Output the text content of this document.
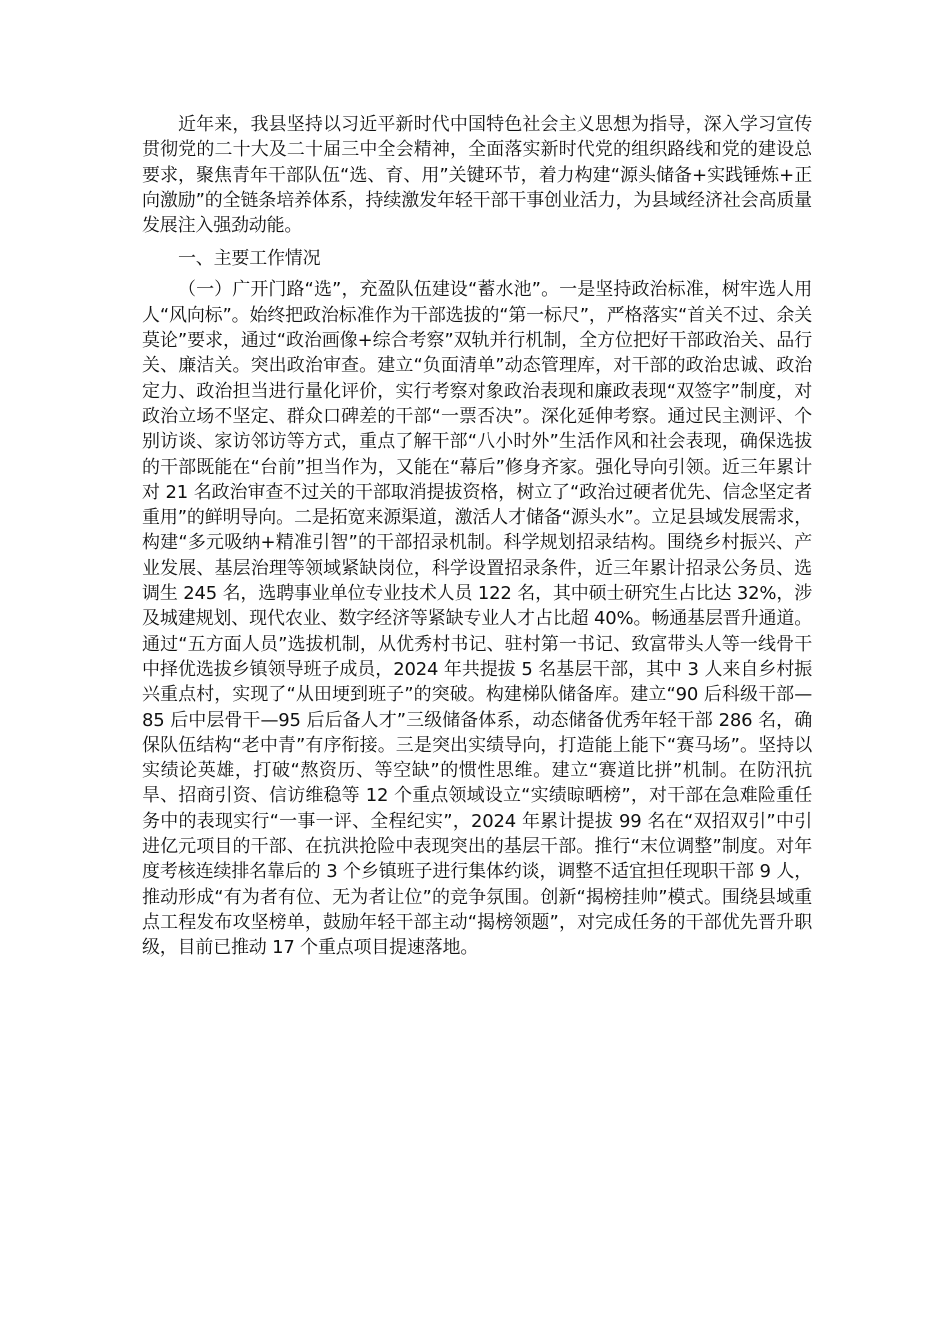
近年来，我县坚持以习近平新时代中国特色社会主义思想为指导，深入学习宣传贯彻党的二十大及二十届三中全会精神，全面落实新时代党的组织路线和党的建设总要求，聚焦青年干部队伍“选、育、用”关键环节，着力构建“源头储备+实践锤炼+正向激励”的全链条培养体系，持续激发年轻干部干事创业活力，为县域经济社会高质量发展注入强劲动能。

一、主要工作情况

（一）广开门路“选”，充盈队伍建设“蓄水池”。一是坚持政治标准，树牢选人用人“风向标”。始终把政治标准作为干部选拔的“第一标尺”，严格落实“首关不过、余关莫论”要求，通过“政治画像+综合考察”双轨并行机制，全方位把好干部政治关、品行关、廉洁关。突出政治审查。建立“负面清单”动态管理库，对干部的政治忠诚、政治定力、政治担当进行量化评价，实行考察对象政治表现和廉政表现“双签字”制度，对政治立场不坚定、群众口碑差的干部“一票否决”。深化延伸考察。通过民主测评、个别访谈、家访邻访等方式，重点了解干部“八小时外”生活作风和社会表现，确保选拔的干部既能在“台前”担当作为，又能在“幕后”修身齐家。强化导向引领。近三年累计对 21 名政治审查不过关的干部取消提拔资格，树立了“政治过硬者优先、信念坚定者重用”的鲜明导向。二是拓宽来源渠道，激活人才储备“源头水”。立足县域发展需求，构建“多元吸纳+精准引智”的干部招录机制。科学规划招录结构。围绕乡村振兴、产业发展、基层治理等领域紧缺岗位，科学设置招录条件，近三年累计招录公务员、选调生 245 名，选聘事业单位专业技术人员 122 名，其中硕士研究生占比达 32%，涉及城建规划、现代农业、数字经济等紧缺专业人才占比超 40%。畅通基层晋升通道。通过“五方面人员”选拔机制，从优秀村书记、驻村第一书记、致富带头人等一线骨干中择优选拔乡镇领导班子成员，2024 年共提拔 5 名基层干部，其中 3 人来自乡村振兴重点村，实现了“从田埂到班子”的突破。构建梯队储备库。建立“90 后科级干部—85 后中层骨干—95 后后备人才”三级储备体系，动态储备优秀年轻干部 286 名，确保队伍结构“老中青”有序衔接。三是突出实绩导向，打造能上能下“赛马场”。坚持以实绩论英雄，打破“熬资历、等空缺”的惯性思维。建立“赛道比拼”机制。在防汛抗旱、招商引资、信访维稳等 12 个重点领域设立“实绩晾晒榜”，对干部在急难险重任务中的表现实行“一事一评、全程纪实”，2024 年累计提拔 99 名在“双招双引”中引进亿元项目的干部、在抗洪抢险中表现突出的基层干部。推行“末位调整”制度。对年度考核连续排名靠后的 3 个乡镇班子进行集体约谈，调整不适宜担任现职干部 9 人，推动形成“有为者有位、无为者让位”的竞争氛围。创新“揭榜挂帅”模式。围绕县域重点工程发布攻坚榜单，鼓励年轻干部主动“揭榜领题”，对完成任务的干部优先晋升职级，目前已推动 17 个重点项目提速落地。
